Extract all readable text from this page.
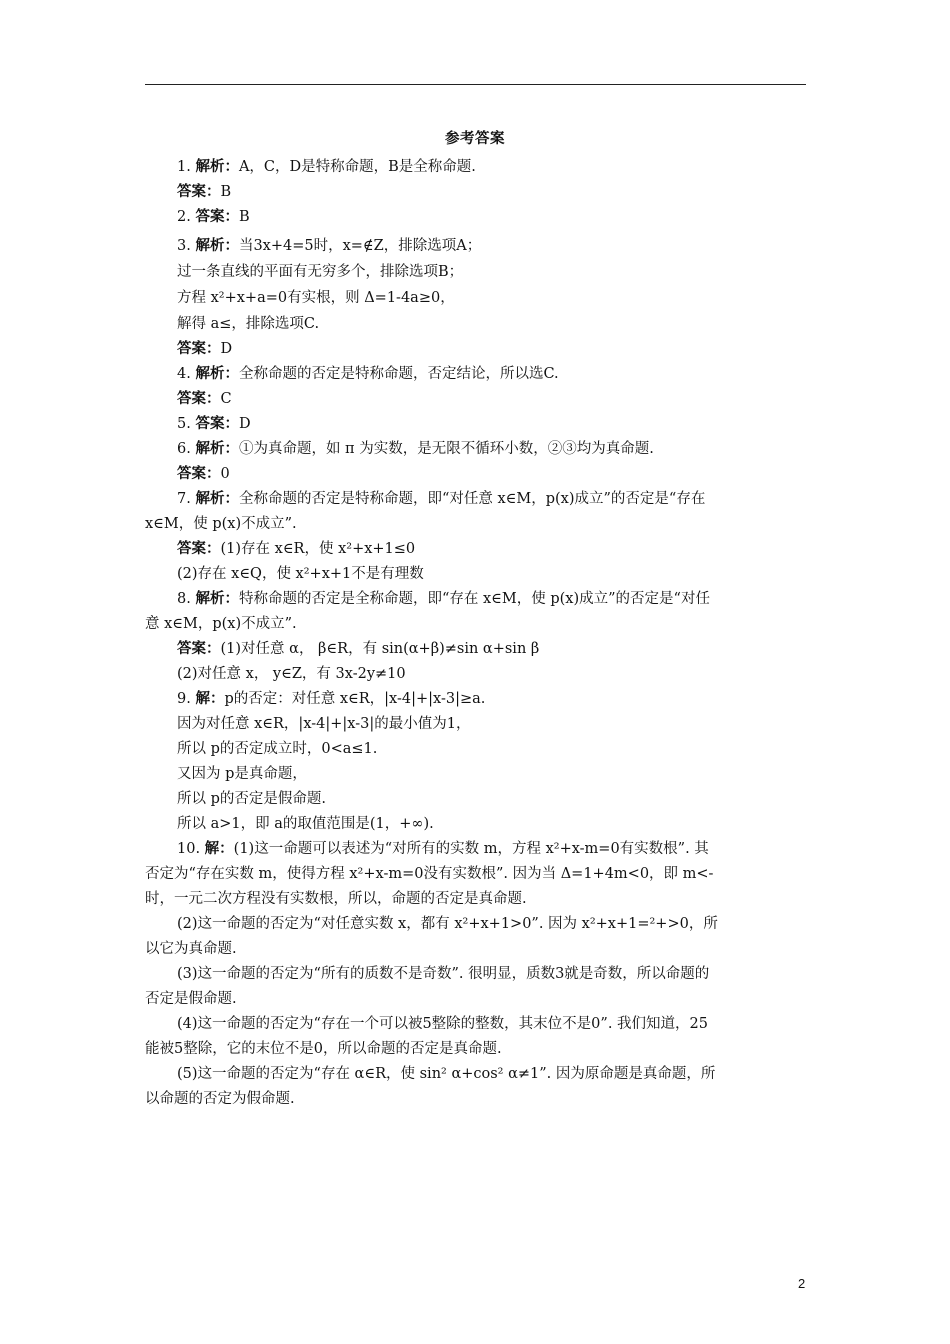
参考答案
1. 解析：A，C，D是特称命题，B是全称命题.
答案：B
2. 答案：B
3. 解析：当3x+4=5时，x=∉Z，排除选项A；
过一条直线的平面有无穷多个，排除选项B；
方程 x²+x+a=0有实根，则 Δ=1-4a≥0，
解得 a≤，排除选项C.
答案：D
4. 解析：全称命题的否定是特称命题，否定结论，所以选C.
答案：C
5. 答案：D
6. 解析：①为真命题，如 π 为实数，是无限不循环小数，②③均为真命题.
答案：0
7. 解析：全称命题的否定是特称命题，即“对任意 x∈M，p(x)成立”的否定是“存在
x∈M，使 p(x)不成立”.
答案：(1)存在 x∈R，使 x²+x+1≤0
(2)存在 x∈Q，使 x²+x+1不是有理数
8. 解析：特称命题的否定是全称命题，即“存在 x∈M，使 p(x)成立”的否定是“对任
意 x∈M，p(x)不成立”.
答案：(1)对任意 α， β∈R，有 sin(α+β)≠sin α+sin β
(2)对任意 x， y∈Z，有 3x-2y≠10
9. 解：p的否定：对任意 x∈R，|x-4|+|x-3|≥a.
因为对任意 x∈R，|x-4|+|x-3|的最小值为1，
所以 p的否定成立时，0<a≤1.
又因为 p是真命题，
所以 p的否定是假命题.
所以 a>1，即 a的取值范围是(1，+∞).
10. 解：(1)这一命题可以表述为“对所有的实数 m，方程 x²+x-m=0有实数根”. 其
否定为“存在实数 m，使得方程 x²+x-m=0没有实数根”. 因为当 Δ=1+4m<0，即 m<-
时，一元二次方程没有实数根，所以，命题的否定是真命题.
(2)这一命题的否定为“对任意实数 x，都有 x²+x+1>0”. 因为 x²+x+1=²+>0，所
以它为真命题.
(3)这一命题的否定为“所有的质数不是奇数”. 很明显，质数3就是奇数，所以命题的
否定是假命题.
(4)这一命题的否定为“存在一个可以被5整除的整数，其末位不是0”. 我们知道，25
能被5整除，它的末位不是0，所以命题的否定是真命题.
(5)这一命题的否定为“存在 α∈R，使 sin² α+cos² α≠1”. 因为原命题是真命题，所
以命题的否定为假命题.
2
